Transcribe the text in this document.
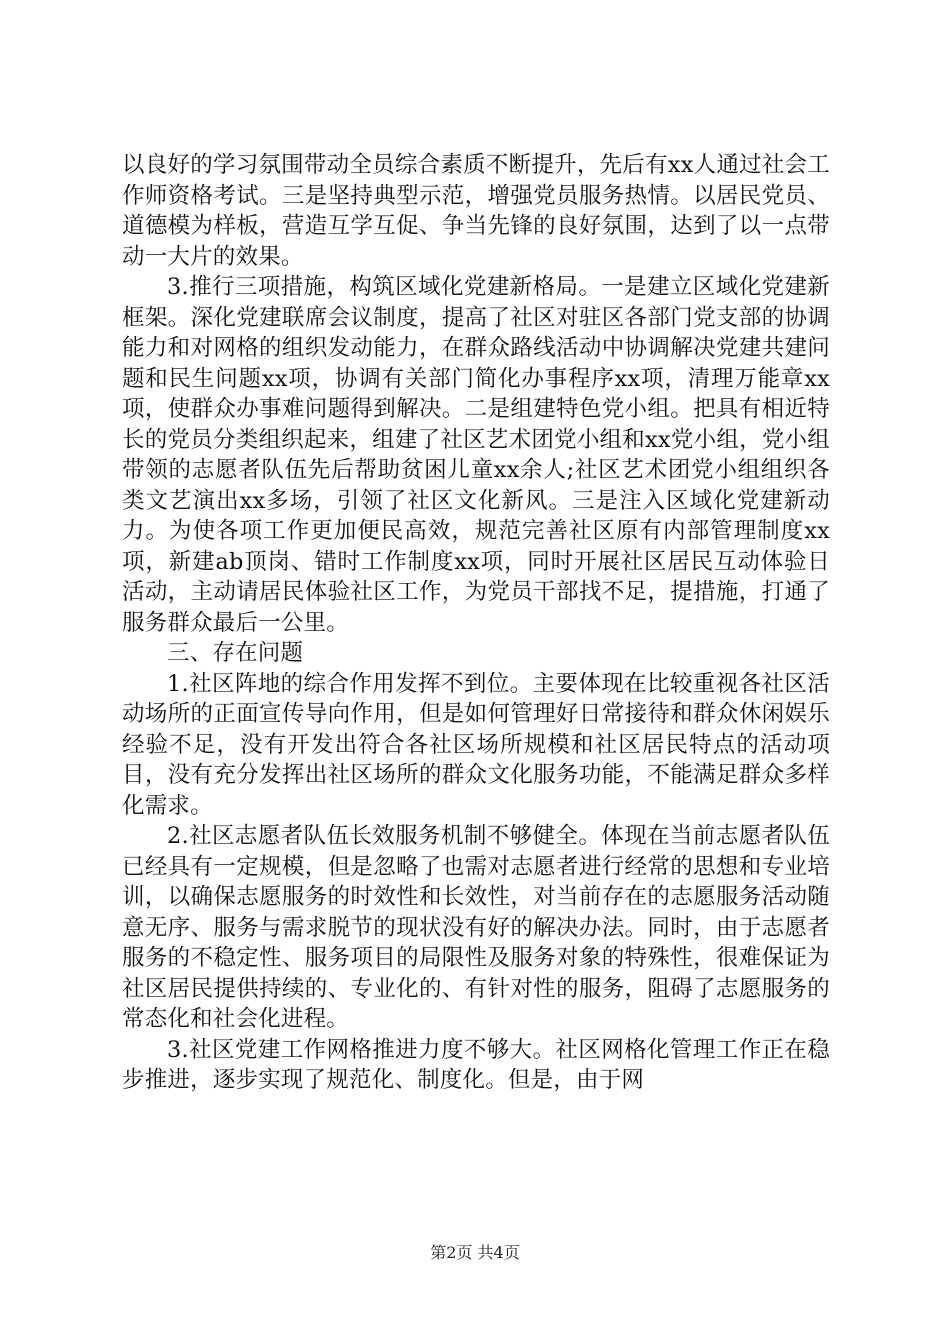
以良好的学习氛围带动全员综合素质不断提升，先后有xx人通过社会工作师资格考试。三是坚持典型示范，增强党员服务热情。以居民党员、道德模为样板，营造互学互促、争当先锋的良好氛围，达到了以一点带动一大片的效果。

3.推行三项措施，构筑区域化党建新格局。一是建立区域化党建新框架。深化党建联席会议制度，提高了社区对驻区各部门党支部的协调能力和对网格的组织发动能力，在群众路线活动中协调解决党建共建问题和民生问题xx项，协调有关部门简化办事程序xx项，清理万能章xx项，使群众办事难问题得到解决。二是组建特色党小组。把具有相近特长的党员分类组织起来，组建了社区艺术团党小组和xx党小组，党小组带领的志愿者队伍先后帮助贫困儿童xx余人;社区艺术团党小组组织各类文艺演出xx多场，引领了社区文化新风。三是注入区域化党建新动力。为使各项工作更加便民高效，规范完善社区原有内部管理制度xx项，新建ab顶岗、错时工作制度xx项，同时开展社区居民互动体验日活动，主动请居民体验社区工作，为党员干部找不足，提措施，打通了服务群众最后一公里。

三、存在问题

1.社区阵地的综合作用发挥不到位。主要体现在比较重视各社区活动场所的正面宣传导向作用，但是如何管理好日常接待和群众休闲娱乐经验不足，没有开发出符合各社区场所规模和社区居民特点的活动项目，没有充分发挥出社区场所的群众文化服务功能，不能满足群众多样化需求。

2.社区志愿者队伍长效服务机制不够健全。体现在当前志愿者队伍已经具有一定规模，但是忽略了也需对志愿者进行经常的思想和专业培训，以确保志愿服务的时效性和长效性，对当前存在的志愿服务活动随意无序、服务与需求脱节的现状没有好的解决办法。同时，由于志愿者服务的不稳定性、服务项目的局限性及服务对象的特殊性，很难保证为社区居民提供持续的、专业化的、有针对性的服务，阻碍了志愿服务的常态化和社会化进程。

3.社区党建工作网格推进力度不够大。社区网格化管理工作正在稳步推进，逐步实现了规范化、制度化。但是，由于网

第2页 共4页
